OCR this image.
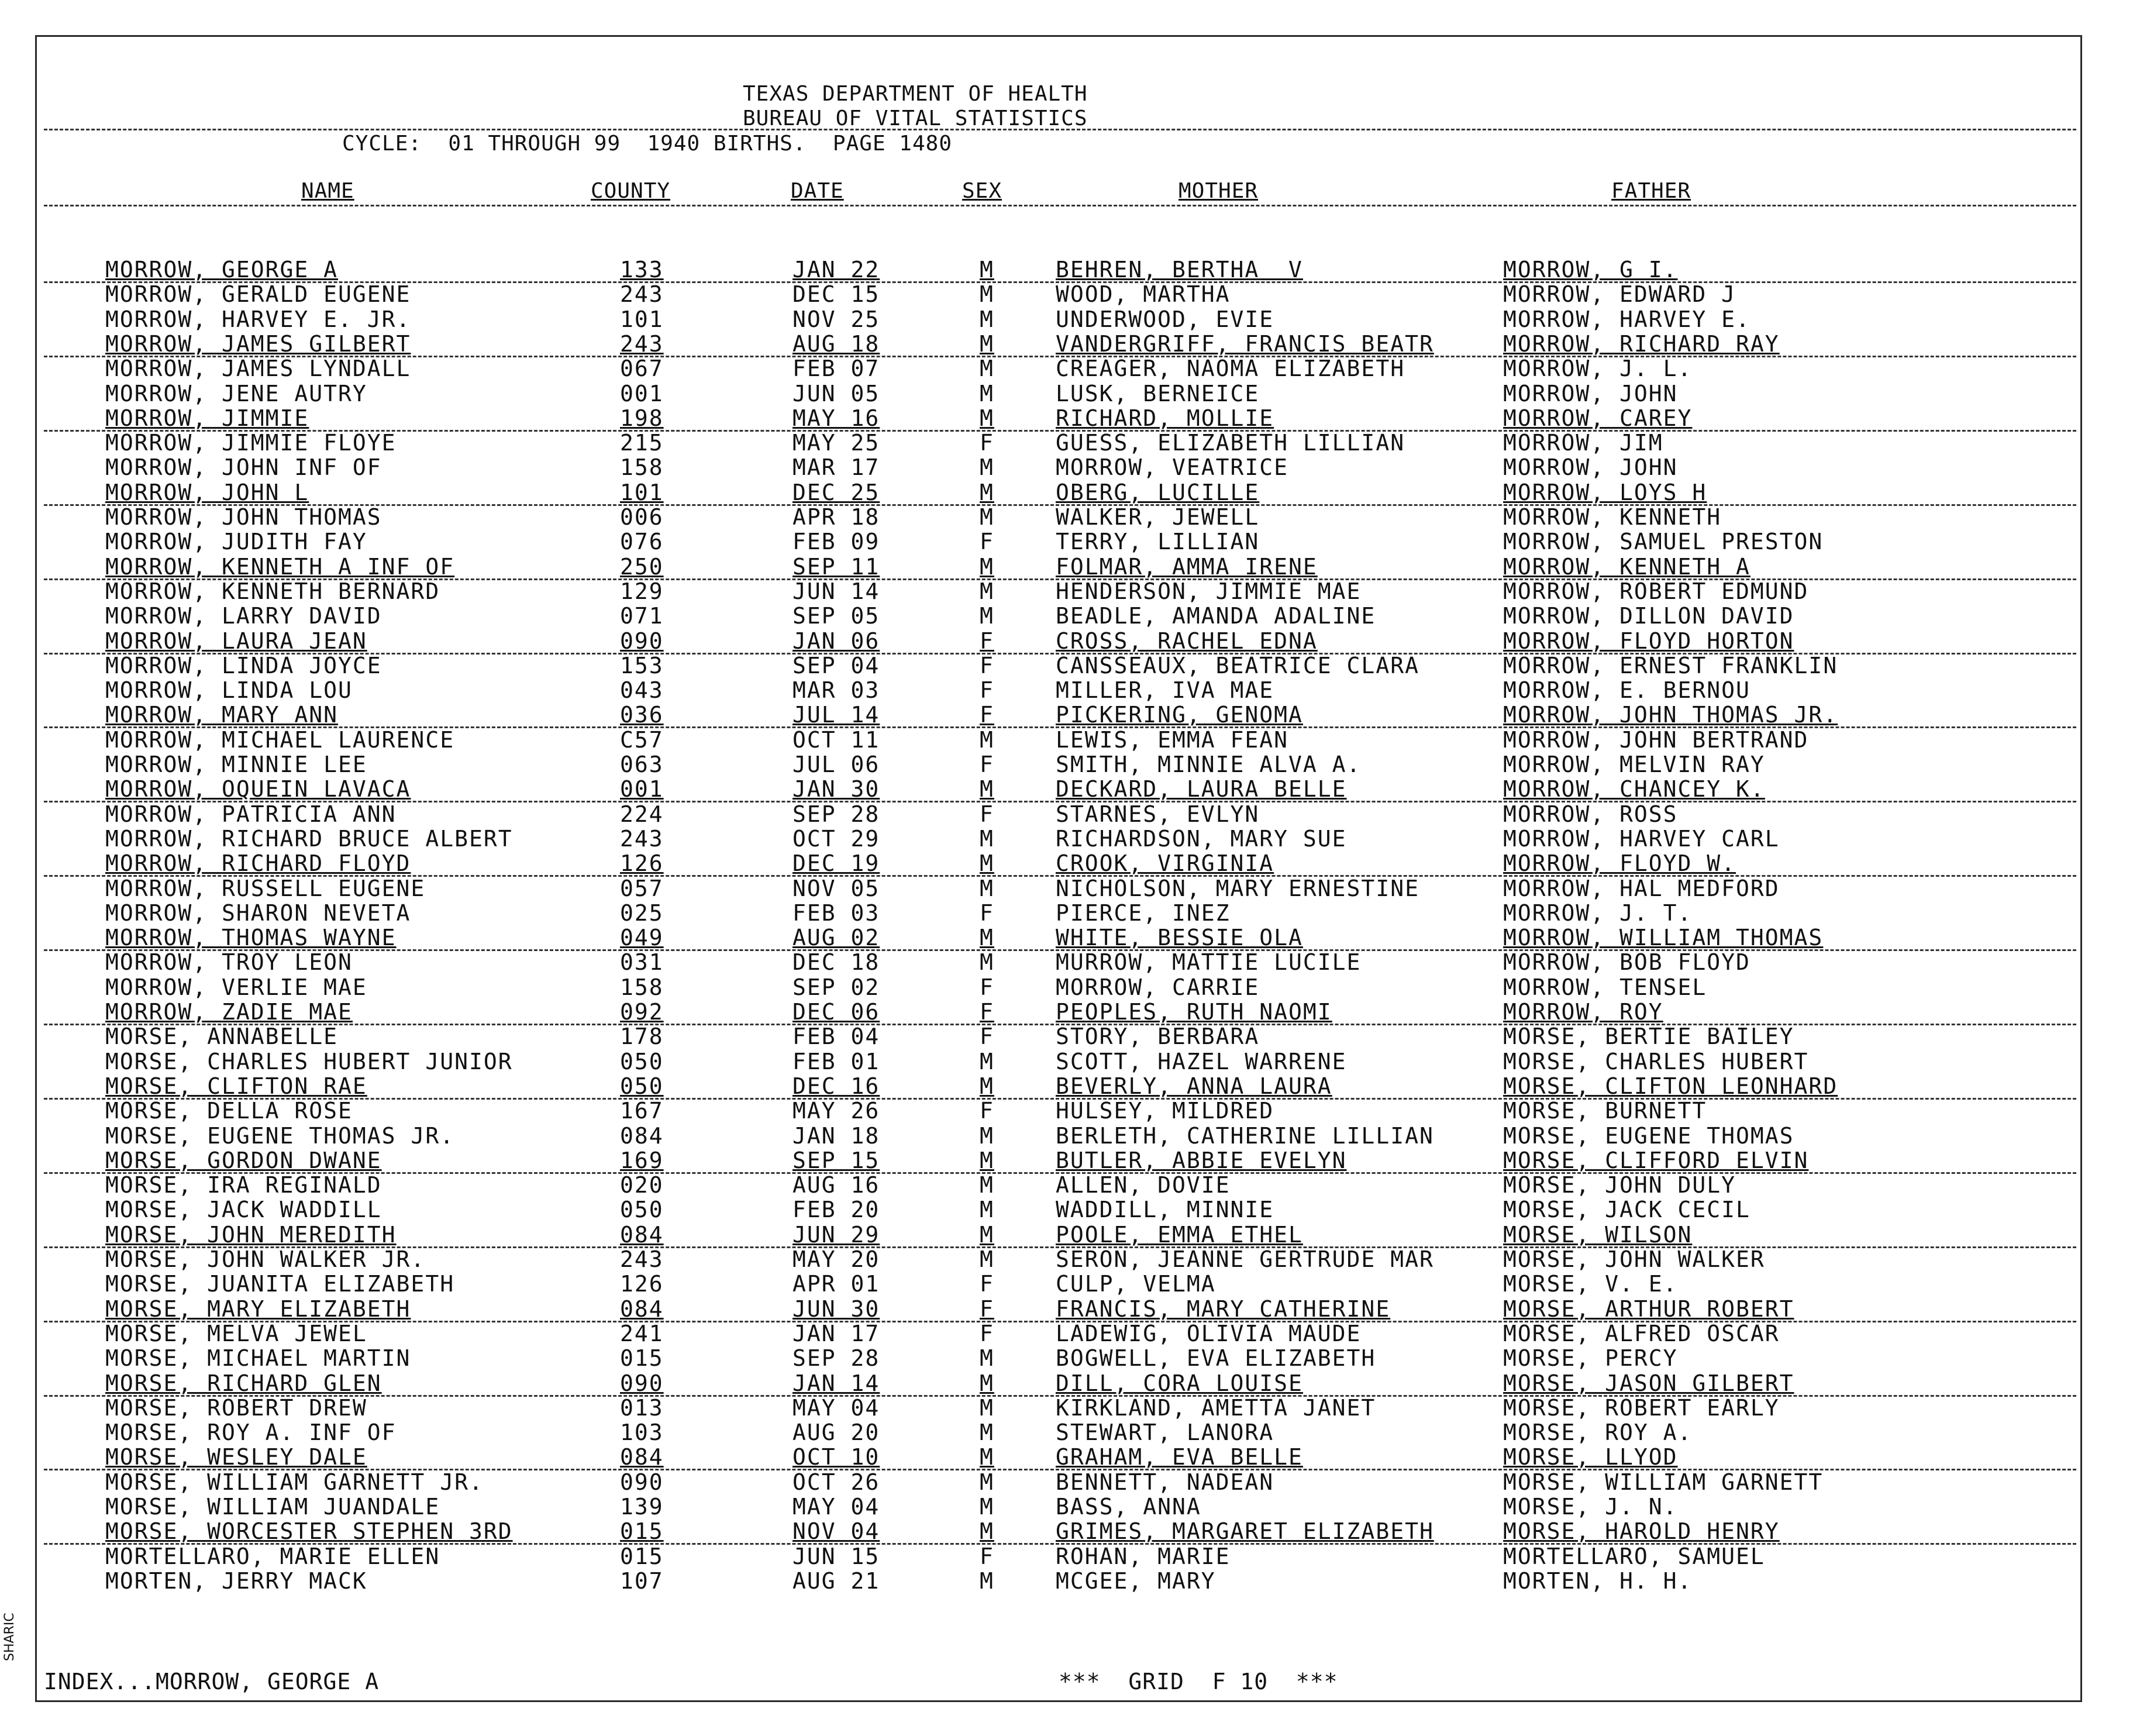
TEXAS DEPARTMENT OF HEALTH
BUREAU OF VITAL STATISTICS
CYCLE:  01 THROUGH 99  1940 BIRTHS.  PAGE 1480
NAME	COUNTY	DATE	SEX	MOTHER	FATHER
MORROW, GEORGE A	133	JAN 22	M	BEHREN, BERTHA  V	MORROW, G I.
MORROW, GERALD EUGENE	243	DEC 15	M	WOOD, MARTHA	MORROW, EDWARD J
MORROW, HARVEY E. JR.	101	NOV 25	M	UNDERWOOD, EVIE	MORROW, HARVEY E.
MORROW, JAMES GILBERT	243	AUG 18	M	VANDERGRIFF, FRANCIS BEATR	MORROW, RICHARD RAY
MORROW, JAMES LYNDALL	067	FEB 07	M	CREAGER, NAOMA ELIZABETH	MORROW, J. L.
MORROW, JENE AUTRY	001	JUN 05	M	LUSK, BERNEICE	MORROW, JOHN
MORROW, JIMMIE	198	MAY 16	M	RICHARD, MOLLIE	MORROW, CAREY
MORROW, JIMMIE FLOYE	215	MAY 25	F	GUESS, ELIZABETH LILLIAN	MORROW, JIM
MORROW, JOHN INF OF	158	MAR 17	M	MORROW, VEATRICE	MORROW, JOHN
MORROW, JOHN L	101	DEC 25	M	OBERG, LUCILLE	MORROW, LOYS H
MORROW, JOHN THOMAS	006	APR 18	M	WALKER, JEWELL	MORROW, KENNETH
MORROW, JUDITH FAY	076	FEB 09	F	TERRY, LILLIAN	MORROW, SAMUEL PRESTON
MORROW, KENNETH A INF OF	250	SEP 11	M	FOLMAR, AMMA IRENE	MORROW, KENNETH A
MORROW, KENNETH BERNARD	129	JUN 14	M	HENDERSON, JIMMIE MAE	MORROW, ROBERT EDMUND
MORROW, LARRY DAVID	071	SEP 05	M	BEADLE, AMANDA ADALINE	MORROW, DILLON DAVID
MORROW, LAURA JEAN	090	JAN 06	F	CROSS, RACHEL EDNA	MORROW, FLOYD HORTON
MORROW, LINDA JOYCE	153	SEP 04	F	CANSSEAUX, BEATRICE CLARA	MORROW, ERNEST FRANKLIN
MORROW, LINDA LOU	043	MAR 03	F	MILLER, IVA MAE	MORROW, E. BERNOU
MORROW, MARY ANN	036	JUL 14	F	PICKERING, GENOMA	MORROW, JOHN THOMAS JR.
MORROW, MICHAEL LAURENCE	C57	OCT 11	M	LEWIS, EMMA FEAN	MORROW, JOHN BERTRAND
MORROW, MINNIE LEE	063	JUL 06	F	SMITH, MINNIE ALVA A.	MORROW, MELVIN RAY
MORROW, OQUEIN LAVACA	001	JAN 30	M	DECKARD, LAURA BELLE	MORROW, CHANCEY K.
MORROW, PATRICIA ANN	224	SEP 28	F	STARNES, EVLYN	MORROW, ROSS
MORROW, RICHARD BRUCE ALBERT	243	OCT 29	M	RICHARDSON, MARY SUE	MORROW, HARVEY CARL
MORROW, RICHARD FLOYD	126	DEC 19	M	CROOK, VIRGINIA	MORROW, FLOYD W.
MORROW, RUSSELL EUGENE	057	NOV 05	M	NICHOLSON, MARY ERNESTINE	MORROW, HAL MEDFORD
MORROW, SHARON NEVETA	025	FEB 03	F	PIERCE, INEZ	MORROW, J. T.
MORROW, THOMAS WAYNE	049	AUG 02	M	WHITE, BESSIE OLA	MORROW, WILLIAM THOMAS
MORROW, TROY LEON	031	DEC 18	M	MURROW, MATTIE LUCILE	MORROW, BOB FLOYD
MORROW, VERLIE MAE	158	SEP 02	F	MORROW, CARRIE	MORROW, TENSEL
MORROW, ZADIE MAE	092	DEC 06	F	PEOPLES, RUTH NAOMI	MORROW, ROY
MORSE, ANNABELLE	178	FEB 04	F	STORY, BERBARA	MORSE, BERTIE BAILEY
MORSE, CHARLES HUBERT JUNIOR	050	FEB 01	M	SCOTT, HAZEL WARRENE	MORSE, CHARLES HUBERT
MORSE, CLIFTON RAE	050	DEC 16	M	BEVERLY, ANNA LAURA	MORSE, CLIFTON LEONHARD
MORSE, DELLA ROSE	167	MAY 26	F	HULSEY, MILDRED	MORSE, BURNETT
MORSE, EUGENE THOMAS JR.	084	JAN 18	M	BERLETH, CATHERINE LILLIAN	MORSE, EUGENE THOMAS
MORSE, GORDON DWANE	169	SEP 15	M	BUTLER, ABBIE EVELYN	MORSE, CLIFFORD ELVIN
MORSE, IRA REGINALD	020	AUG 16	M	ALLEN, DOVIE	MORSE, JOHN DULY
MORSE, JACK WADDILL	050	FEB 20	M	WADDILL, MINNIE	MORSE, JACK CECIL
MORSE, JOHN MEREDITH	084	JUN 29	M	POOLE, EMMA ETHEL	MORSE, WILSON
MORSE, JOHN WALKER JR.	243	MAY 20	M	SERON, JEANNE GERTRUDE MAR	MORSE, JOHN WALKER
MORSE, JUANITA ELIZABETH	126	APR 01	F	CULP, VELMA	MORSE, V. E.
MORSE, MARY ELIZABETH	084	JUN 30	F	FRANCIS, MARY CATHERINE	MORSE, ARTHUR ROBERT
MORSE, MELVA JEWEL	241	JAN 17	F	LADEWIG, OLIVIA MAUDE	MORSE, ALFRED OSCAR
MORSE, MICHAEL MARTIN	015	SEP 28	M	BOGWELL, EVA ELIZABETH	MORSE, PERCY
MORSE, RICHARD GLEN	090	JAN 14	M	DILL, CORA LOUISE	MORSE, JASON GILBERT
MORSE, ROBERT DREW	013	MAY 04	M	KIRKLAND, AMETTA JANET	MORSE, ROBERT EARLY
MORSE, ROY A. INF OF	103	AUG 20	M	STEWART, LANORA	MORSE, ROY A.
MORSE, WESLEY DALE	084	OCT 10	M	GRAHAM, EVA BELLE	MORSE, LLYOD
MORSE, WILLIAM GARNETT JR.	090	OCT 26	M	BENNETT, NADEAN	MORSE, WILLIAM GARNETT
MORSE, WILLIAM JUANDALE	139	MAY 04	M	BASS, ANNA	MORSE, J. N.
MORSE, WORCESTER STEPHEN 3RD	015	NOV 04	M	GRIMES, MARGARET ELIZABETH	MORSE, HAROLD HENRY
MORTELLARO, MARIE ELLEN	015	JUN 15	F	ROHAN, MARIE	MORTELLARO, SAMUEL
MORTEN, JERRY MACK	107	AUG 21	M	MCGEE, MARY	MORTEN, H. H.
INDEX...MORROW, GEORGE A	***  GRID  F 10  ***
SHARIC
